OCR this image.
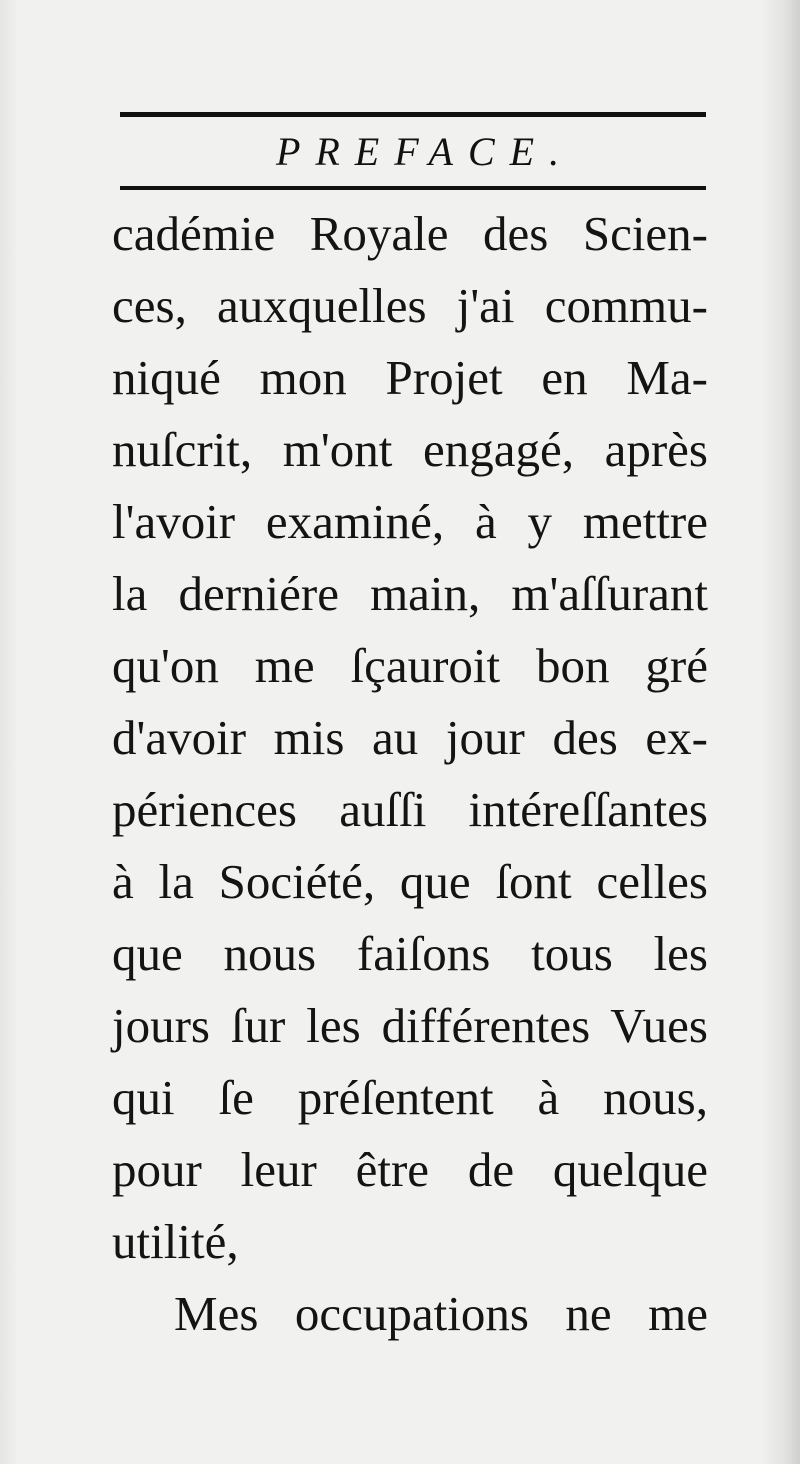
PREFACE.
cadémie Royale des Scien-
ces, auxquelles j'ai commu-
niqué mon Projet en Ma-
nuſcrit, m'ont engagé, après
l'avoir examiné, à y mettre
la derniére main, m'aſſurant
qu'on me ſçauroit bon gré
d'avoir mis au jour des ex-
périences auſſi intéreſſantes
à la Société, que ſont celles
que nous faiſons tous les
jours ſur les différentes Vues
qui ſe préſentent à nous,
pour leur être de quelque
utilité,
Mes occupations ne me
